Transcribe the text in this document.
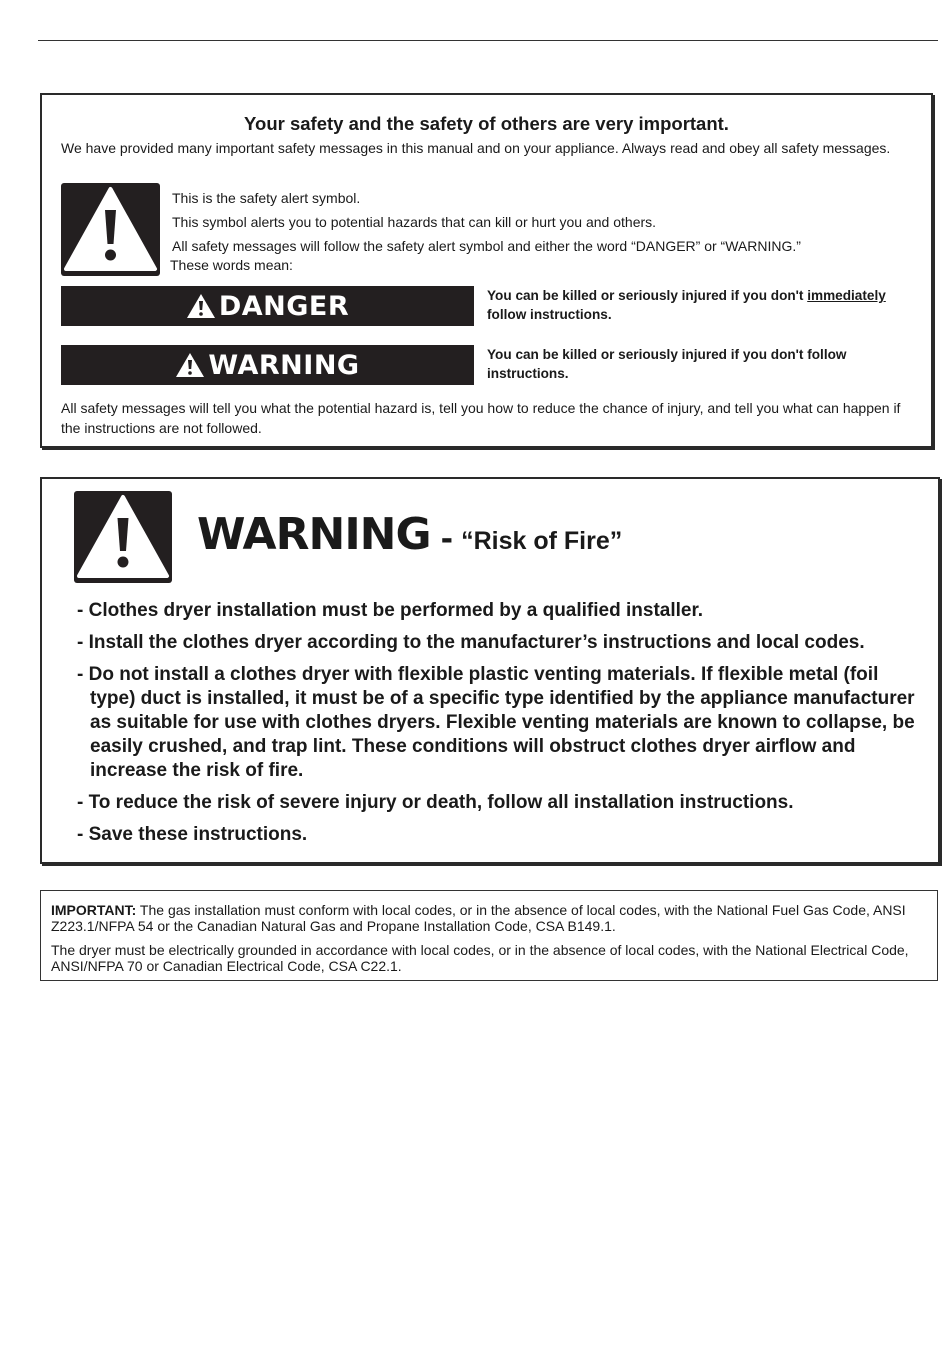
Your safety and the safety of others are very important.
We have provided many important safety messages in this manual and on your appliance. Always read and obey all safety messages.
This is the safety alert symbol.
This symbol alerts you to potential hazards that can kill or hurt you and others.
All safety messages will follow the safety alert symbol and either the word “DANGER” or “WARNING.”
These words mean:
DANGER	You can be killed or seriously injured if you don't immediately
follow instructions.
WARNING	You can be killed or seriously injured if you don't follow instructions.
All safety messages will tell you what the potential hazard is, tell you how to reduce the chance of injury, and tell you what can happen if the instructions are not followed.
WARNING - “Risk of Fire”
- Clothes dryer installation must be performed by a qualified installer.
- Install the clothes dryer according to the manufacturer’s instructions and local codes.
- Do not install a clothes dryer with flexible plastic venting materials. If flexible metal (foil type) duct is installed, it must be of a specific type identified by the appliance manufacturer as suitable for use with clothes dryers. Flexible venting materials are known to collapse, be easily crushed, and trap lint. These conditions will obstruct clothes dryer airflow and increase the risk of fire.
- To reduce the risk of severe injury or death, follow all installation instructions.
- Save these instructions.
IMPORTANT: The gas installation must conform with local codes, or in the absence of local codes, with the National Fuel Gas Code, ANSI Z223.1/NFPA 54 or the Canadian Natural Gas and Propane Installation Code, CSA B149.1.
The dryer must be electrically grounded in accordance with local codes, or in the absence of local codes, with the National Electrical Code, ANSI/NFPA 70 or Canadian Electrical Code, CSA C22.1.
